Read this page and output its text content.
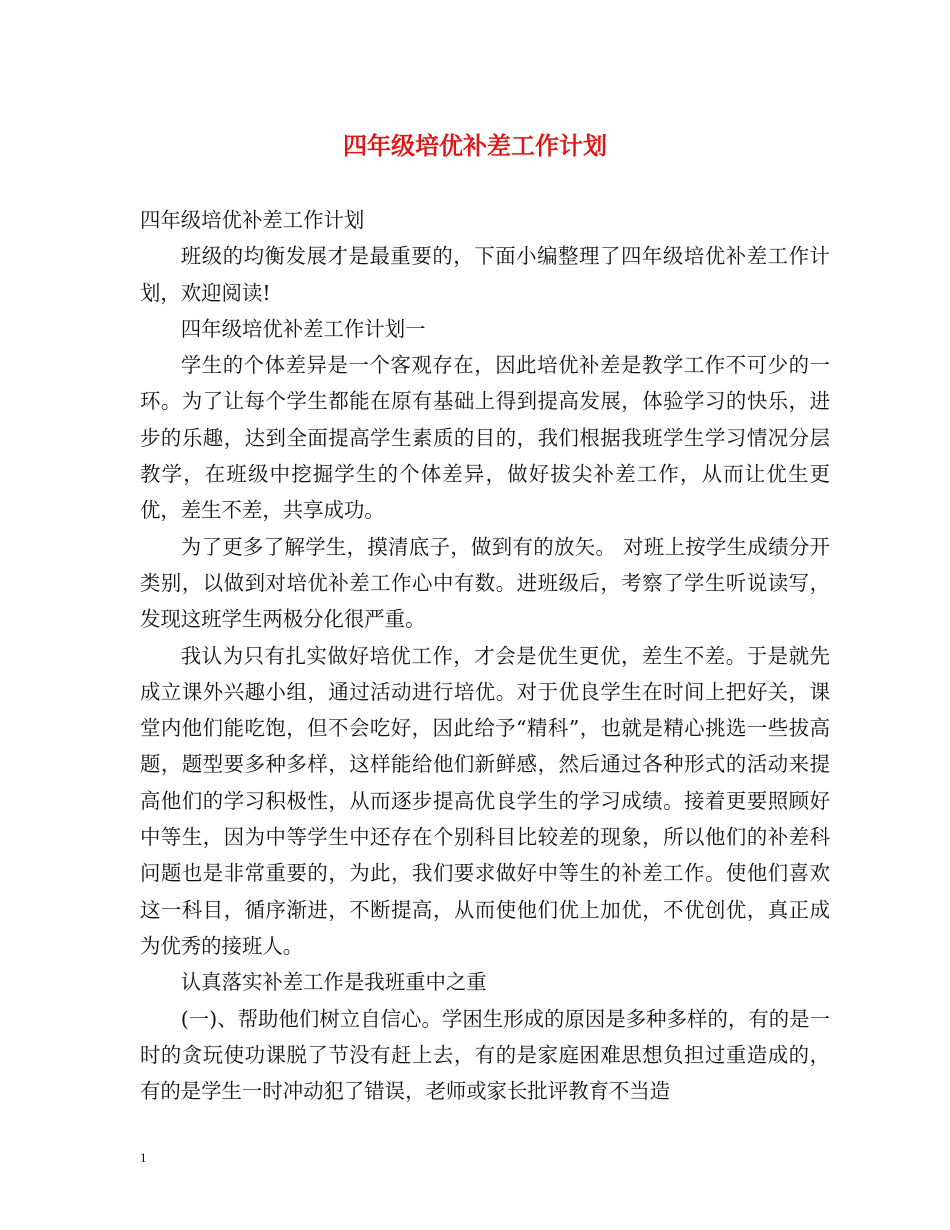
四年级培优补差工作计划

四年级培优补差工作计划

班级的均衡发展才是最重要的，下面小编整理了四年级培优补差工作计划，欢迎阅读!

四年级培优补差工作计划一

学生的个体差异是一个客观存在，因此培优补差是教学工作不可少的一环。为了让每个学生都能在原有基础上得到提高发展，体验学习的快乐，进步的乐趣，达到全面提高学生素质的目的，我们根据我班学生学习情况分层教学，在班级中挖掘学生的个体差异，做好拔尖补差工作，从而让优生更优，差生不差，共享成功。

为了更多了解学生，摸清底子，做到有的放矢。 对班上按学生成绩分开类别，以做到对培优补差工作心中有数。进班级后，考察了学生听说读写，发现这班学生两极分化很严重。

我认为只有扎实做好培优工作，才会是优生更优，差生不差。于是就先成立课外兴趣小组，通过活动进行培优。对于优良学生在时间上把好关，课堂内他们能吃饱，但不会吃好，因此给予“精科”，也就是精心挑选一些拔高题，题型要多种多样，这样能给他们新鲜感，然后通过各种形式的活动来提高他们的学习积极性，从而逐步提高优良学生的学习成绩。接着更要照顾好中等生，因为中等学生中还存在个别科目比较差的现象，所以他们的补差科问题也是非常重要的，为此，我们要求做好中等生的补差工作。使他们喜欢这一科目，循序渐进，不断提高，从而使他们优上加优，不优创优，真正成为优秀的接班人。

认真落实补差工作是我班重中之重

(一)、帮助他们树立自信心。学困生形成的原因是多种多样的，有的是一时的贪玩使功课脱了节没有赶上去，有的是家庭困难思想负担过重造成的，有的是学生一时冲动犯了错误，老师或家长批评教育不当造

1
